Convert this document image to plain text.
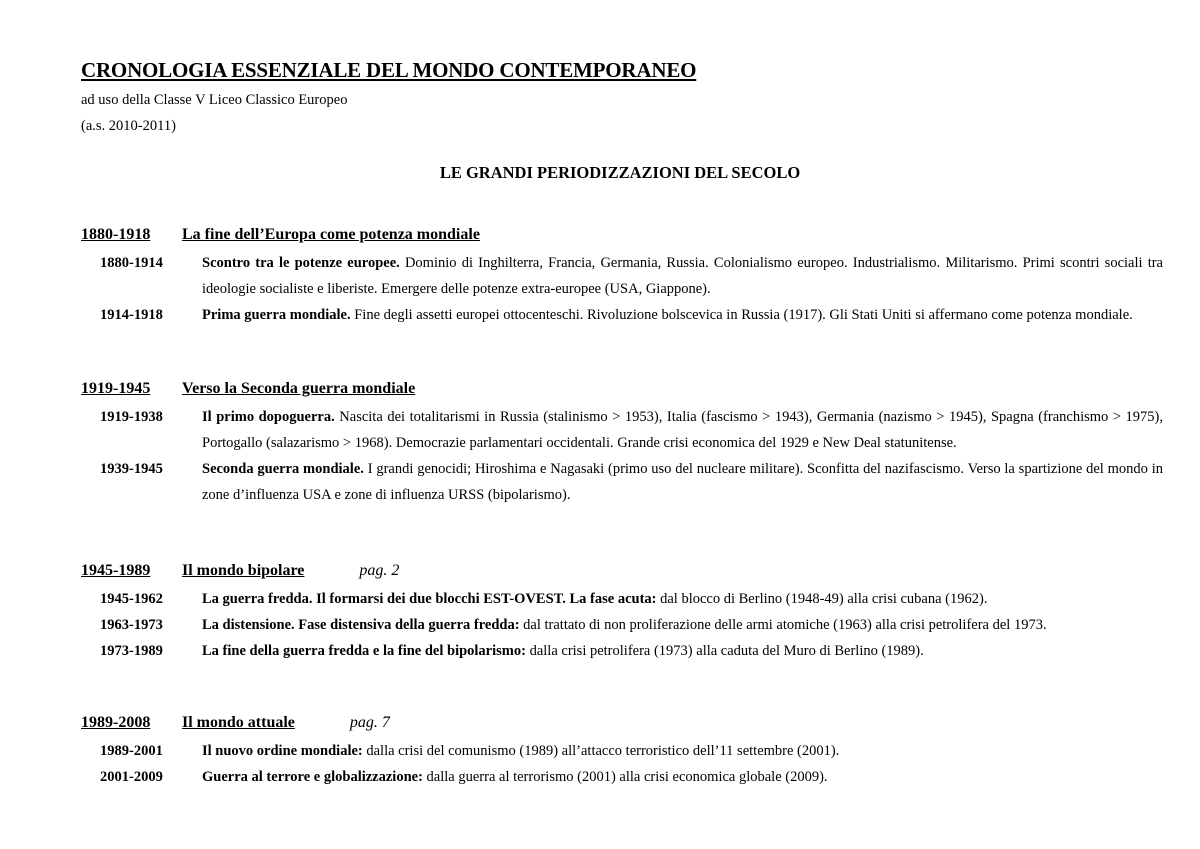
CRONOLOGIA ESSENZIALE DEL MONDO CONTEMPORANEO
ad uso della Classe V Liceo Classico Europeo
(a.s. 2010-2011)
LE GRANDI PERIODIZZAZIONI DEL SECOLO
1880-1918	La fine dell’Europa come potenza mondiale
1880-1914	Scontro tra le potenze europee. Dominio di Inghilterra, Francia, Germania, Russia. Colonialismo europeo. Industrialismo. Militarismo. Primi scontri sociali tra ideologie socialiste e liberiste. Emergere delle potenze extra-europee (USA, Giappone).
1914-1918	Prima guerra mondiale. Fine degli assetti europei ottocenteschi. Rivoluzione bolscevica in Russia (1917). Gli Stati Uniti si affermano come potenza mondiale.
1919-1945	Verso la Seconda guerra mondiale
1919-1938	Il primo dopoguerra. Nascita dei totalitarismi in Russia (stalinismo > 1953), Italia (fascismo > 1943), Germania (nazismo > 1945), Spagna (franchismo > 1975), Portogallo (salazarismo > 1968). Democrazie parlamentari occidentali. Grande crisi economica del 1929 e New Deal statunitense.
1939-1945	Seconda guerra mondiale. I grandi genocidi; Hiroshima e Nagasaki (primo uso del nucleare militare). Sconfitta del nazifascismo. Verso la spartizione del mondo in zone d’influenza USA e zone di influenza URSS (bipolarismo).
1945-1989	Il mondo bipolare	pag. 2
1945-1962	La guerra fredda. Il formarsi dei due blocchi EST-OVEST. La fase acuta: dal blocco di Berlino (1948-49) alla crisi cubana (1962).
1963-1973	La distensione. Fase distensiva della guerra fredda: dal trattato di non proliferazione delle armi atomiche (1963) alla crisi petrolifera del 1973.
1973-1989	La fine della guerra fredda e la fine del bipolarismo: dalla crisi petrolifera (1973) alla caduta del Muro di Berlino (1989).
1989-2008	Il mondo attuale	pag. 7
1989-2001	Il nuovo ordine mondiale: dalla crisi del comunismo (1989) all’attacco terroristico dell’11 settembre (2001).
2001-2009	Guerra al terrore e globalizzazione: dalla guerra al terrorismo (2001) alla crisi economica globale (2009).
